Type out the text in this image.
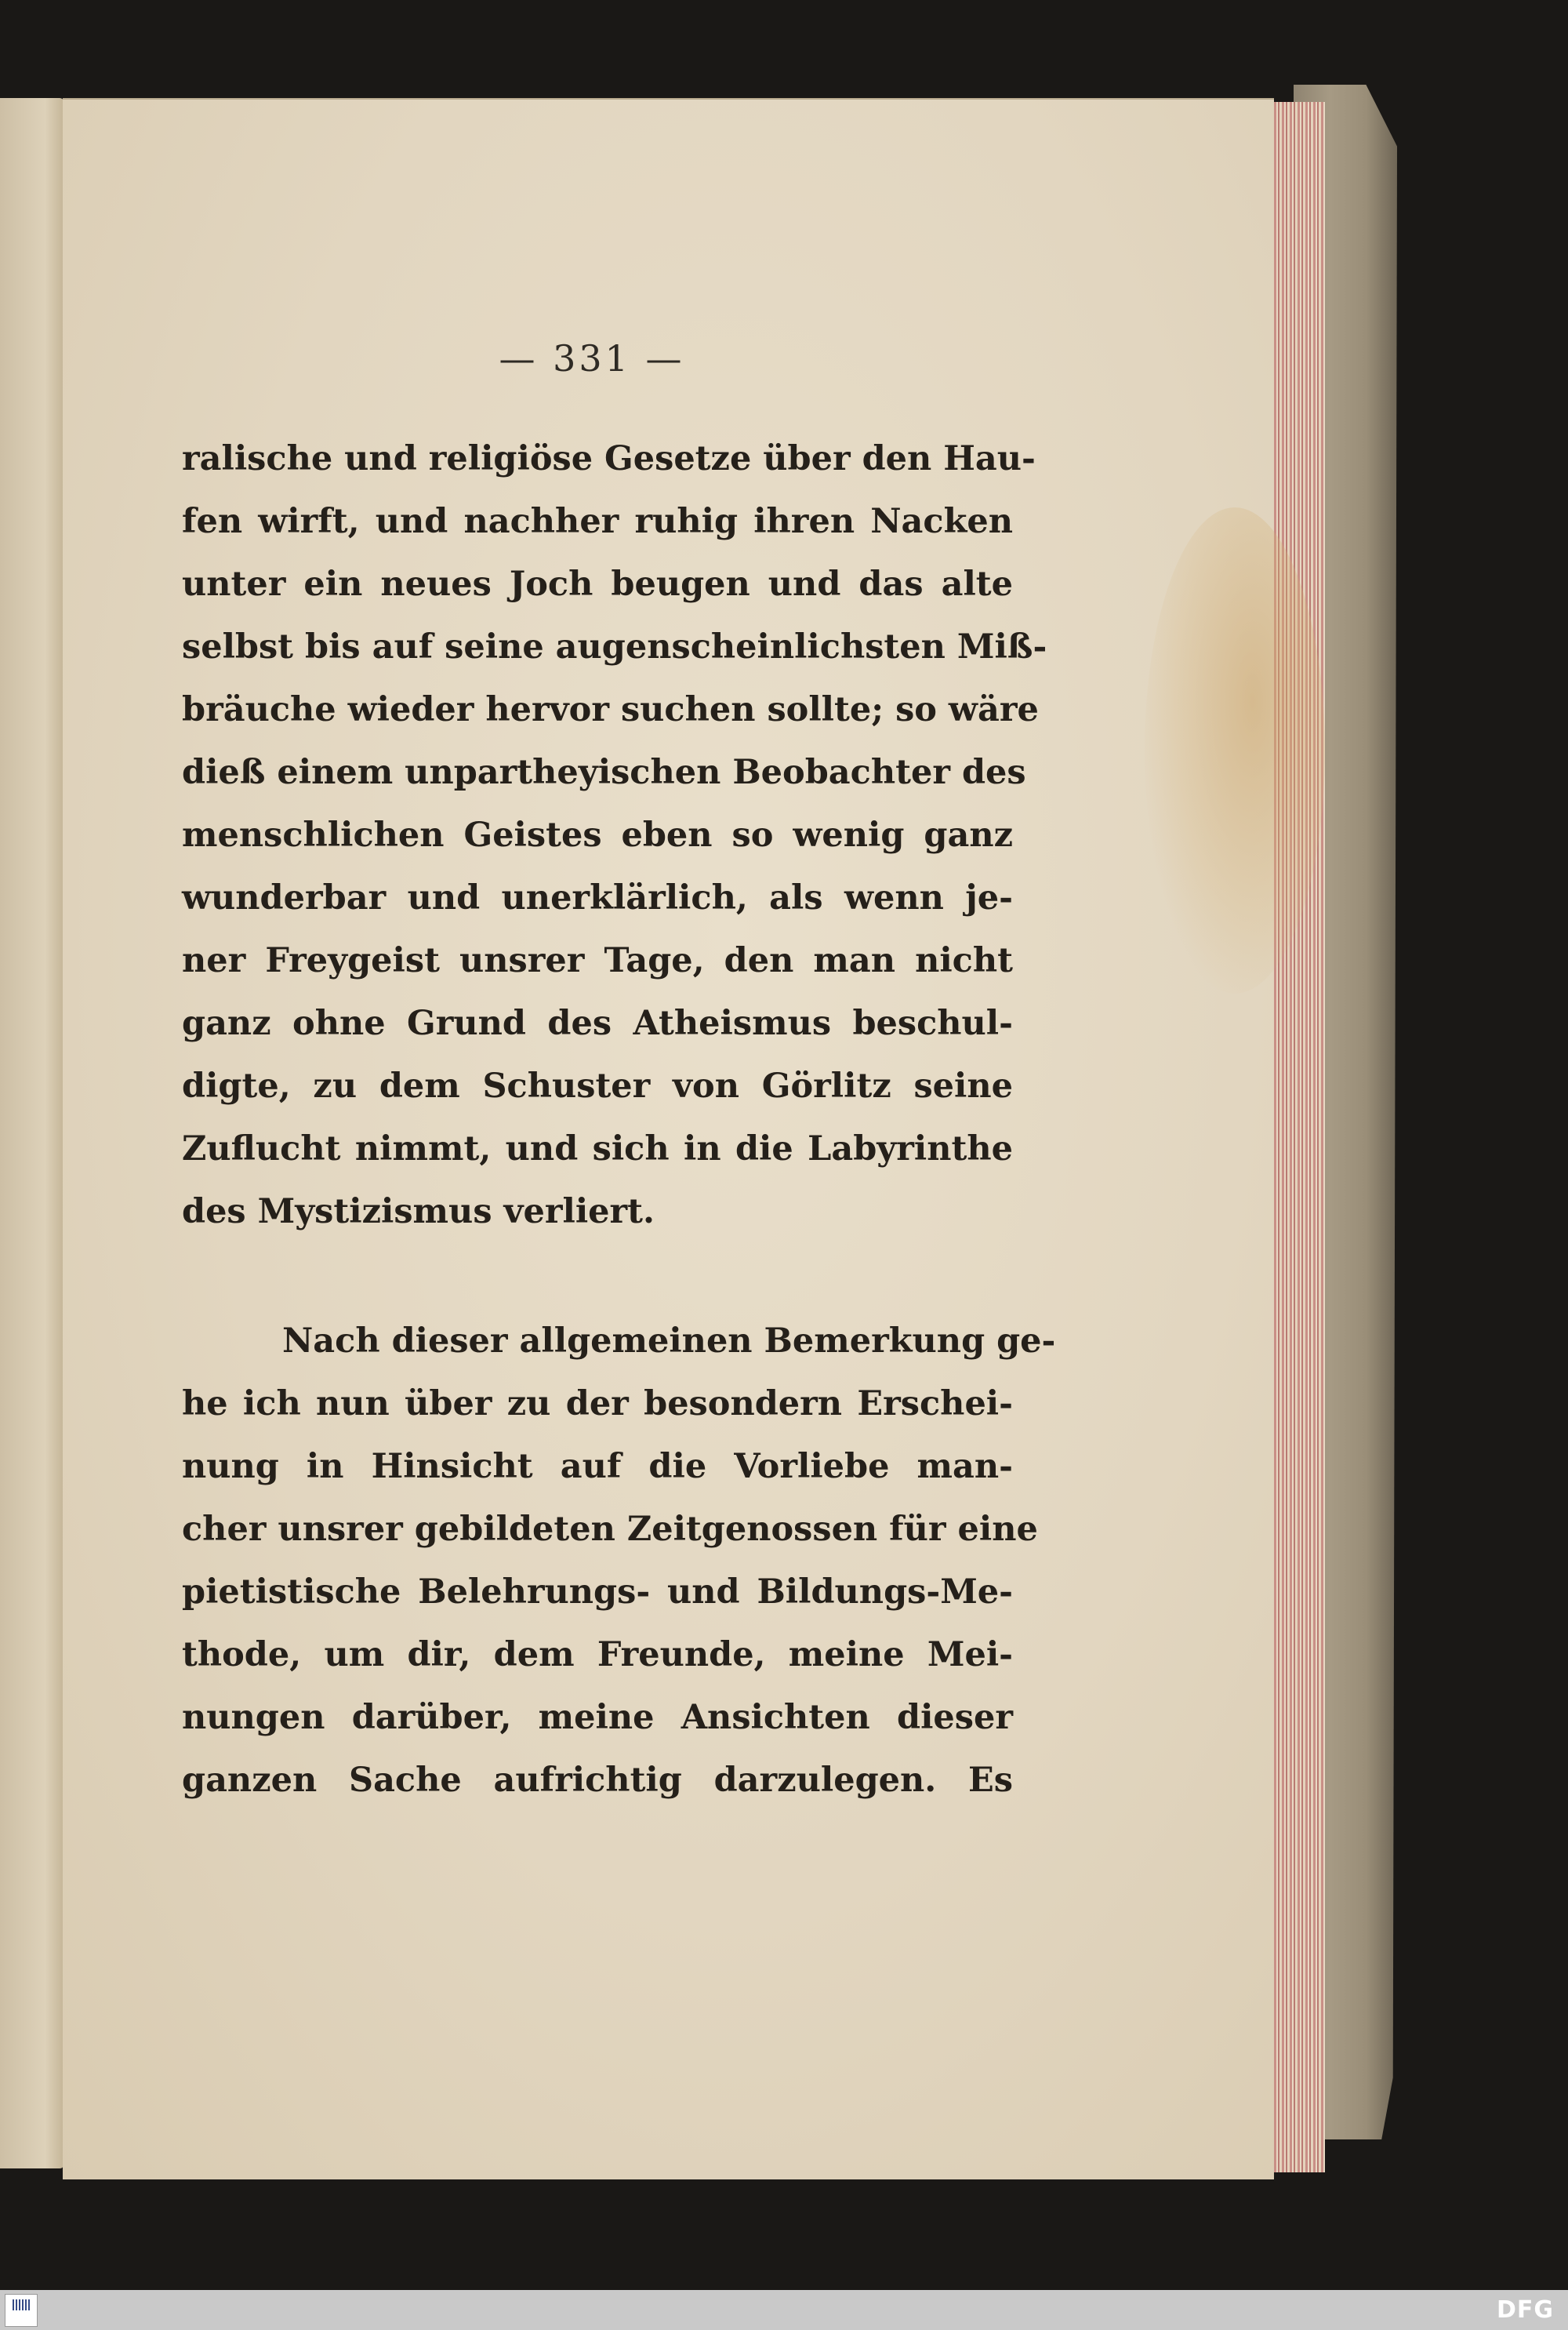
— 331 —
ralische und religiöse Gesetze über den Hau-
fen wirft, und nachher ruhig ihren Nacken
unter ein neues Joch beugen und das alte
selbst bis auf seine augenscheinlichsten Miß-
bräuche wieder hervor suchen sollte; so wäre
dieß einem unpartheyischen Beobachter des
menschlichen Geistes eben so wenig ganz
wunderbar und unerklärlich, als wenn je-
ner Freygeist unsrer Tage, den man nicht
ganz ohne Grund des Atheismus beschul-
digte, zu dem Schuster von Görlitz seine
Zuflucht nimmt, und sich in die Labyrinthe
des Mystizismus verliert.
Nach dieser allgemeinen Bemerkung ge-
he ich nun über zu der besondern Erschei-
nung in Hinsicht auf die Vorliebe man-
cher unsrer gebildeten Zeitgenossen für eine
pietistische Belehrungs- und Bildungs-Me-
thode, um dir, dem Freunde, meine Mei-
nungen darüber, meine Ansichten dieser
ganzen Sache aufrichtig darzulegen. Es
DFG
